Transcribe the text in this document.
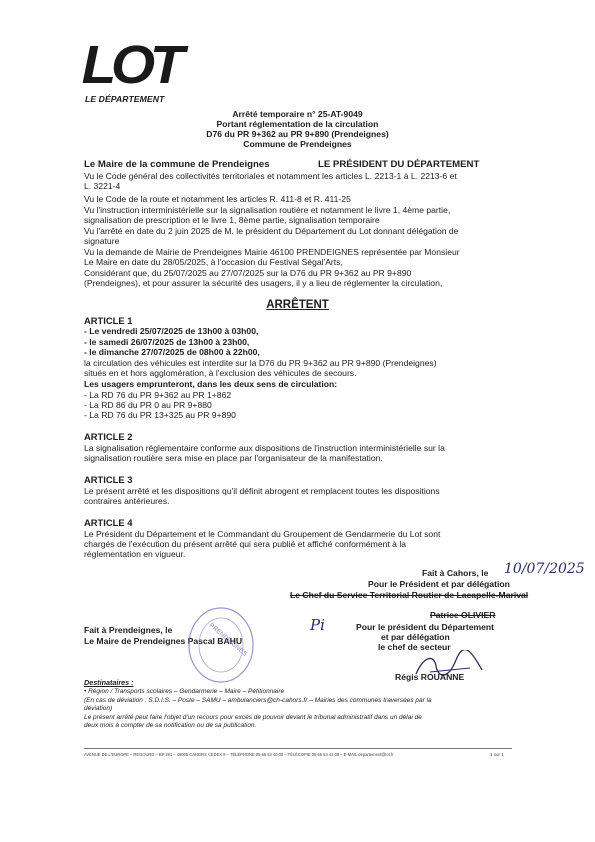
LOT
LE DÉPARTEMENT
Arrêté temporaire n° 25-AT-9049
Portant réglementation de la circulation
D76 du PR 9+362 au PR 9+890 (Prendeignes)
Commune de Prendeignes
Le Maire de la commune de Prendeignes	LE PRÉSIDENT DU DÉPARTEMENT
Vu le Code général des collectivités territoriales et notamment les articles L. 2213-1 à L. 2213-6 et
L. 3221-4
Vu le Code de la route et notamment les articles R. 411-8 et R. 411-25
Vu l'instruction interministérielle sur la signalisation routière et notamment le livre 1, 4ème partie,
signalisation de prescription et le livre 1, 8ème partie, signalisation temporaire
Vu l'arrêté en date du 2 juin 2025 de M. le président du Département du Lot donnant délégation de
signature
Vu la demande de Mairie de Prendeignes Mairie 46100 PRENDEIGNES représentée par Monsieur
Le Maire en date du 28/05/2025, à l'occasion du Festival Ségal'Arts,
Considérant que, du 25/07/2025 au 27/07/2025 sur la D76 du PR 9+362 au PR 9+890
(Prendeignes), et pour assurer la sécurité des usagers, il y a lieu de réglementer la circulation,
ARRÊTENT
ARTICLE 1
- Le vendredi 25/07/2025 de 13h00 à 03h00,
- le samedi 26/07/2025 de 13h00 à 23h00,
- le dimanche 27/07/2025 de 08h00 à 22h00,
la circulation des véhicules est interdite sur la D76 du PR 9+362 au PR 9+890 (Prendeignes)
situés en et hors agglomération, à l'exclusion des véhicules de secours.
Les usagers emprunteront, dans les deux sens de circulation:
- La RD 76 du PR 9+362 au PR 1+862
- La RD 86 du PR 0 au PR 9+880
- La RD 76 du PR 13+325 au PR 9+890
ARTICLE 2
La signalisation réglementaire conforme aux dispositions de l'instruction interministérielle sur la
signalisation routière sera mise en place par l'organisateur de la manifestation.
ARTICLE 3
Le présent arrêté et les dispositions qu'il définit abrogent et remplacent toutes les dispositions
contraires antérieures.
ARTICLE 4
Le Président du Département et le Commandant du Groupement de Gendarmerie du Lot sont
chargés de l'exécution du présent arrêté qui sera publié et affiché conformément à la
réglementation en vigueur.
Fait à Cahors, le 10/07/2025
Pour le Président et par délégation
Le Chef du Service Territorial Routier de Lacapelle-Marival
Patrice OLIVIER
Pour le président du Département
et par délégation
le chef de secteur
Régis ROUANNE
Fait à Prendeignes, le
Le Maire de Prendeignes Pascal BAHU
PRENDEIGNES	Pi
Destinataires :
• Région / Transports scolaires – Gendarmerie – Maire – Pétitionnaire
(En cas de déviation : S.D.I.S. – Poste – SAMU – ambulanciers@ch-cahors.fr – Mairies des communes traversées par la
déviation)
Le présent arrêté peut faire l'objet d'un recours pour excès de pouvoir devant le tribunal administratif dans un délai de
deux mois à compter de sa notification ou de sa publication.
AVENUE DE L'EUROPE – REGOURD – BP 291 – 46005 CAHORS CEDEX 9 – TÉLÉPHONE 05 65 53 40 00 – TÉLÉCOPIE 05 65 53 41 09 – E-MAIL departement@lot.fr	1 sur 1
